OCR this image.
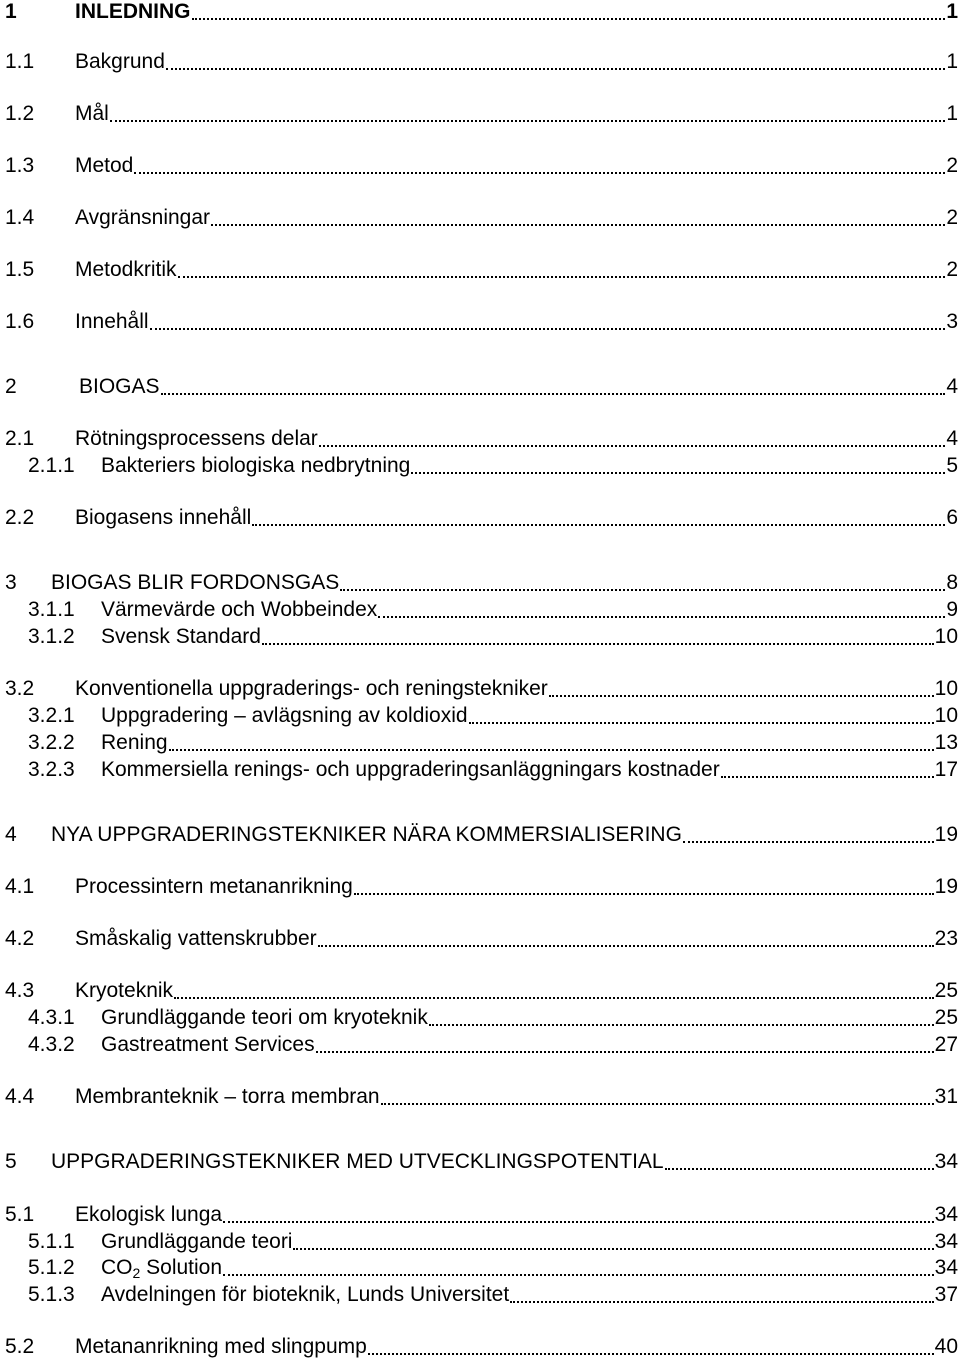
1	INLEDNING	1
1.1	Bakgrund	1
1.2	Mål	1
1.3	Metod	2
1.4	Avgränsningar	2
1.5	Metodkritik	2
1.6	Innehåll	3
2	BIOGAS	4
2.1	Rötningsprocessens delar	4
2.1.1	Bakteriers biologiska nedbrytning	5
2.2	Biogasens innehåll	6
3	BIOGAS BLIR FORDONSGAS	8
3.1.1	Värmevärde och Wobbeindex	9
3.1.2	Svensk Standard	10
3.2	Konventionella uppgraderings- och reningstekniker	10
3.2.1	Uppgradering – avlägsning av koldioxid	10
3.2.2	Rening	13
3.2.3	Kommersiella renings- och uppgraderingsanläggningars kostnader	17
4	NYA UPPGRADERINGSTEKNIKER NÄRA KOMMERSIALISERING	19
4.1	Processintern metananrikning	19
4.2	Småskalig vattenskrubber	23
4.3	Kryoteknik	25
4.3.1	Grundläggande teori om kryoteknik	25
4.3.2	Gastreatment Services	27
4.4	Membranteknik – torra membran	31
5	UPPGRADERINGSTEKNIKER MED UTVECKLINGSPOTENTIAL	34
5.1	Ekologisk lunga	34
5.1.1	Grundläggande teori	34
5.1.2	$CO_2$ Solution	34
5.1.3	Avdelningen för bioteknik, Lunds Universitet	37
5.2	Metananrikning med slingpump	40
